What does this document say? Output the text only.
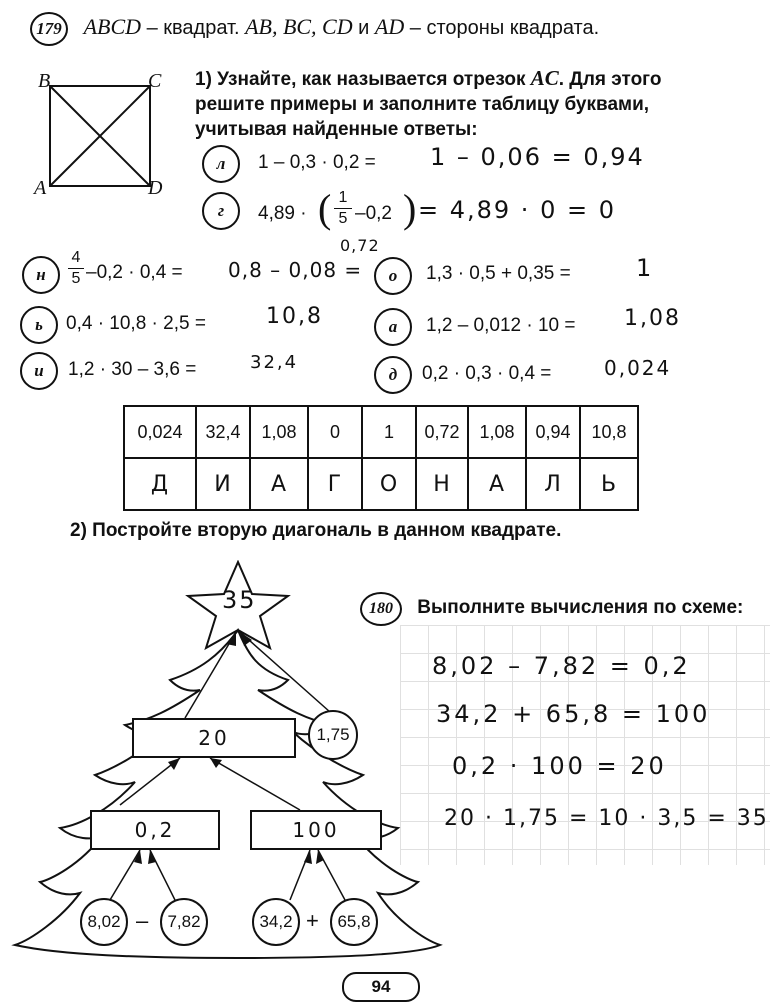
179 ABCD – квадрат. AB, BC, CD и AD – стороны квадрата.
B	C
A	D
1) Узнайте, как называется отрезок AC. Для этого
решите примеры и заполните таблицу буквами,
учитывая найденные ответы:
л	1 – 0,3 · 0,2 = 1 – 0,06 = 0,94
г	4,89 · ( $\frac{1}{5} -0,2$ ) = 4,89 · 0 = 0
н	$\frac{4}{5} -0,2 \cdot 0,4 = 0,8 - 0,08$ =
0,72
о	1,3 · 0,5 + 0,35 =	1
ь	0,4 · 10,8 · 2,5 =	10,8	а	1,2 – 0,012 · 10 = 1,08
и	1,2 · 30 – 3,6 =	32,4
д	0,2 · 0,3 · 0,4 =	0,024
0,024	32,4	1,08	0	1	0,72	1,08	0,94	10,8
Д	И	А	Г	О	Н	А	Л	Ь
2) Постройте вторую диагональ в данном квадрате.
35
20	1,75
0,2	100
8,02 –	7,82	34,2 +	65,8
180 Выполните вычисления по схеме:
8,02 – 7,82 = 0,2
34,2 + 65,8 = 100
0,2 · 100 = 20
20 · 1,75 = 10 · 3,5 = 35
94
